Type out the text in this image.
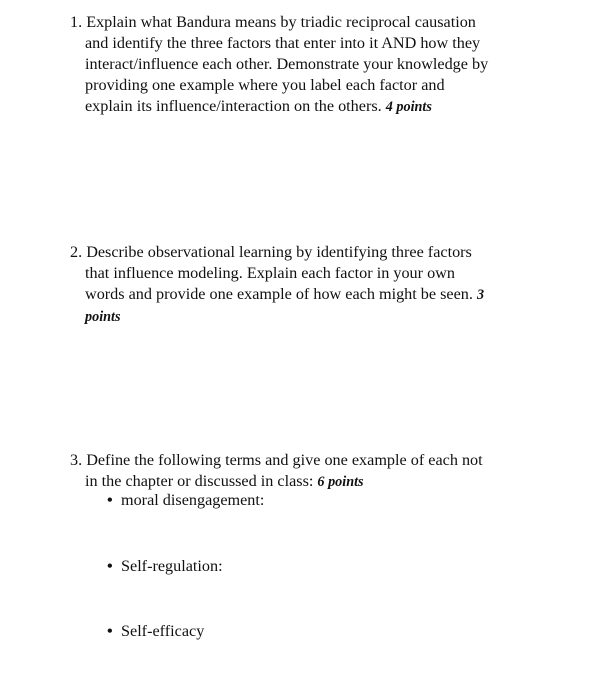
1. Explain what Bandura means by triadic reciprocal causation
and identify the three factors that enter into it AND how they
interact/influence each other. Demonstrate your knowledge by
providing one example where you label each factor and
explain its influence/interaction on the others. 4 points
2. Describe observational learning by identifying three factors
that influence modeling. Explain each factor in your own
words and provide one example of how each might be seen. 3
points
3. Define the following terms and give one example of each not
in the chapter or discussed in class: 6 points
• moral disengagement:
• Self-regulation:
• Self-efficacy
